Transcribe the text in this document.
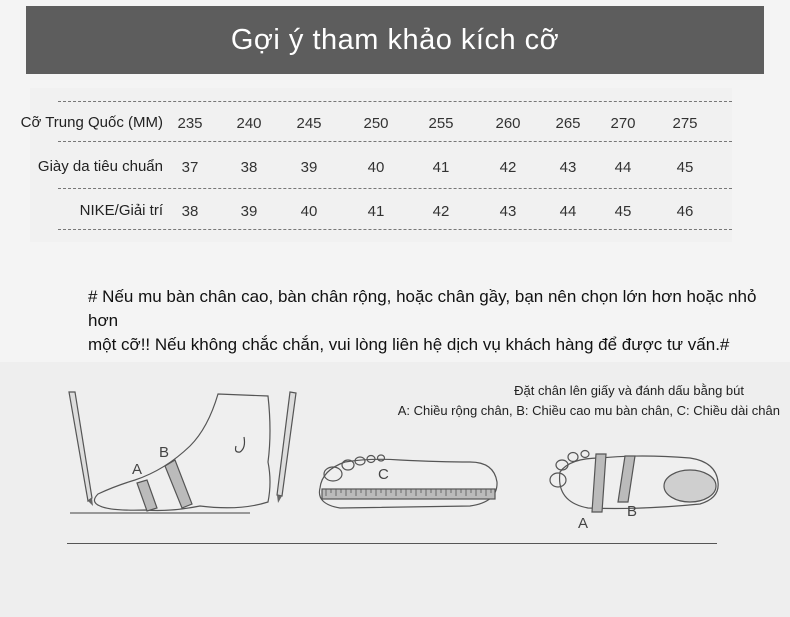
Gợi ý tham khảo kích cỡ
Cỡ Trung Quốc (MM) 235	240	245	250	255	260	265	270	275
Giày da tiêu chuẩn	37	38	39	40	41	42	43	44	45
NIKE/Giải trí	38	39	40	41	42	43	44	45	46

# Nếu mu bàn chân cao, bàn chân rộng, hoặc chân gầy, bạn nên chọn lớn hơn hoặc nhỏ hơn

một cỡ!! Nếu không chắc chắn, vui lòng liên hệ dịch vụ khách hàng để được tư vấn.#

A
B
C
A
B
Đặt chân lên giấy và đánh dấu bằng bút
A: Chiều rộng chân, B: Chiều cao mu bàn chân, C: Chiều dài chân
